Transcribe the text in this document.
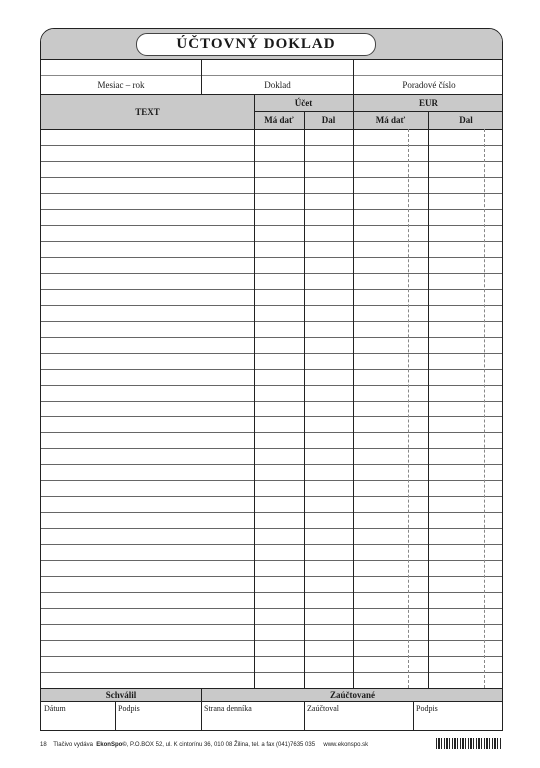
ÚČTOVNÝ DOKLAD
Mesiac – rok	Doklad	Poradové číslo
TEXT
Účet	EUR
Má dať	Dal	Má dať	Dal
Schválil	Zaúčtované
Dátum	Podpis	Strana denníka	Zaúčtoval	Podpis
18 Tlačivo vydáva EkonSpo©, P.O.BOX 52, ul. K cintorínu 36, 010 08 Žilina, tel. a fax (041)7635 035 www.ekonspo.sk
